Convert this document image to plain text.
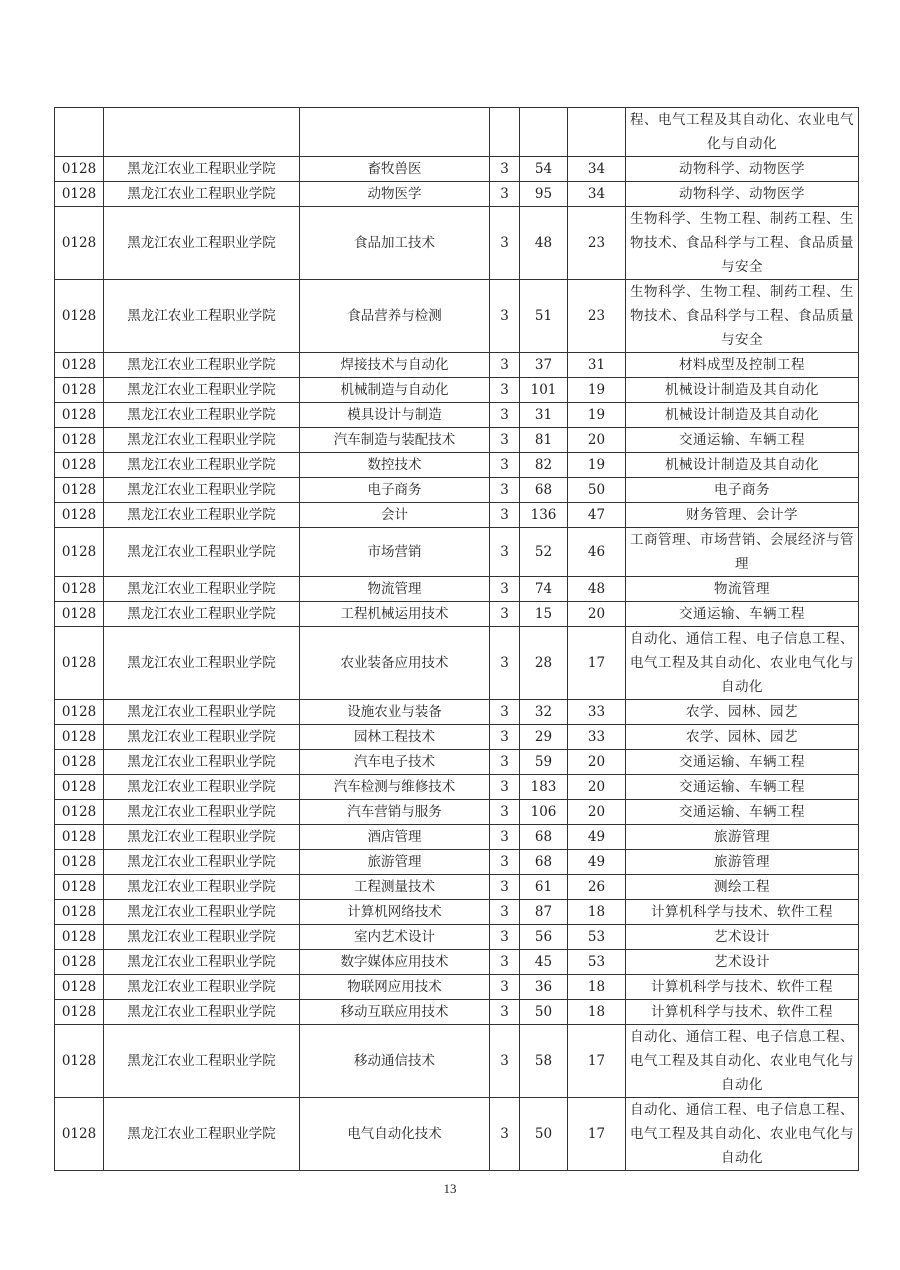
						程、电气工程及其自动化、农业电气化与自动化
0128	黑龙江农业工程职业学院	畜牧兽医	3	54	34	动物科学、动物医学
0128	黑龙江农业工程职业学院	动物医学	3	95	34	动物科学、动物医学
0128	黑龙江农业工程职业学院	食品加工技术	3	48	23	生物科学、生物工程、制药工程、生物技术、食品科学与工程、食品质量与安全
0128	黑龙江农业工程职业学院	食品营养与检测	3	51	23	生物科学、生物工程、制药工程、生物技术、食品科学与工程、食品质量与安全
0128	黑龙江农业工程职业学院	焊接技术与自动化	3	37	31	材料成型及控制工程
0128	黑龙江农业工程职业学院	机械制造与自动化	3	101	19	机械设计制造及其自动化
0128	黑龙江农业工程职业学院	模具设计与制造	3	31	19	机械设计制造及其自动化
0128	黑龙江农业工程职业学院	汽车制造与装配技术	3	81	20	交通运输、车辆工程
0128	黑龙江农业工程职业学院	数控技术	3	82	19	机械设计制造及其自动化
0128	黑龙江农业工程职业学院	电子商务	3	68	50	电子商务
0128	黑龙江农业工程职业学院	会计	3	136	47	财务管理、会计学
0128	黑龙江农业工程职业学院	市场营销	3	52	46	工商管理、市场营销、会展经济与管理
0128	黑龙江农业工程职业学院	物流管理	3	74	48	物流管理
0128	黑龙江农业工程职业学院	工程机械运用技术	3	15	20	交通运输、车辆工程
0128	黑龙江农业工程职业学院	农业装备应用技术	3	28	17	自动化、通信工程、电子信息工程、电气工程及其自动化、农业电气化与自动化
0128	黑龙江农业工程职业学院	设施农业与装备	3	32	33	农学、园林、园艺
0128	黑龙江农业工程职业学院	园林工程技术	3	29	33	农学、园林、园艺
0128	黑龙江农业工程职业学院	汽车电子技术	3	59	20	交通运输、车辆工程
0128	黑龙江农业工程职业学院	汽车检测与维修技术	3	183	20	交通运输、车辆工程
0128	黑龙江农业工程职业学院	汽车营销与服务	3	106	20	交通运输、车辆工程
0128	黑龙江农业工程职业学院	酒店管理	3	68	49	旅游管理
0128	黑龙江农业工程职业学院	旅游管理	3	68	49	旅游管理
0128	黑龙江农业工程职业学院	工程测量技术	3	61	26	测绘工程
0128	黑龙江农业工程职业学院	计算机网络技术	3	87	18	计算机科学与技术、软件工程
0128	黑龙江农业工程职业学院	室内艺术设计	3	56	53	艺术设计
0128	黑龙江农业工程职业学院	数字媒体应用技术	3	45	53	艺术设计
0128	黑龙江农业工程职业学院	物联网应用技术	3	36	18	计算机科学与技术、软件工程
0128	黑龙江农业工程职业学院	移动互联应用技术	3	50	18	计算机科学与技术、软件工程
0128	黑龙江农业工程职业学院	移动通信技术	3	58	17	自动化、通信工程、电子信息工程、电气工程及其自动化、农业电气化与自动化
0128	黑龙江农业工程职业学院	电气自动化技术	3	50	17	自动化、通信工程、电子信息工程、电气工程及其自动化、农业电气化与自动化
13
